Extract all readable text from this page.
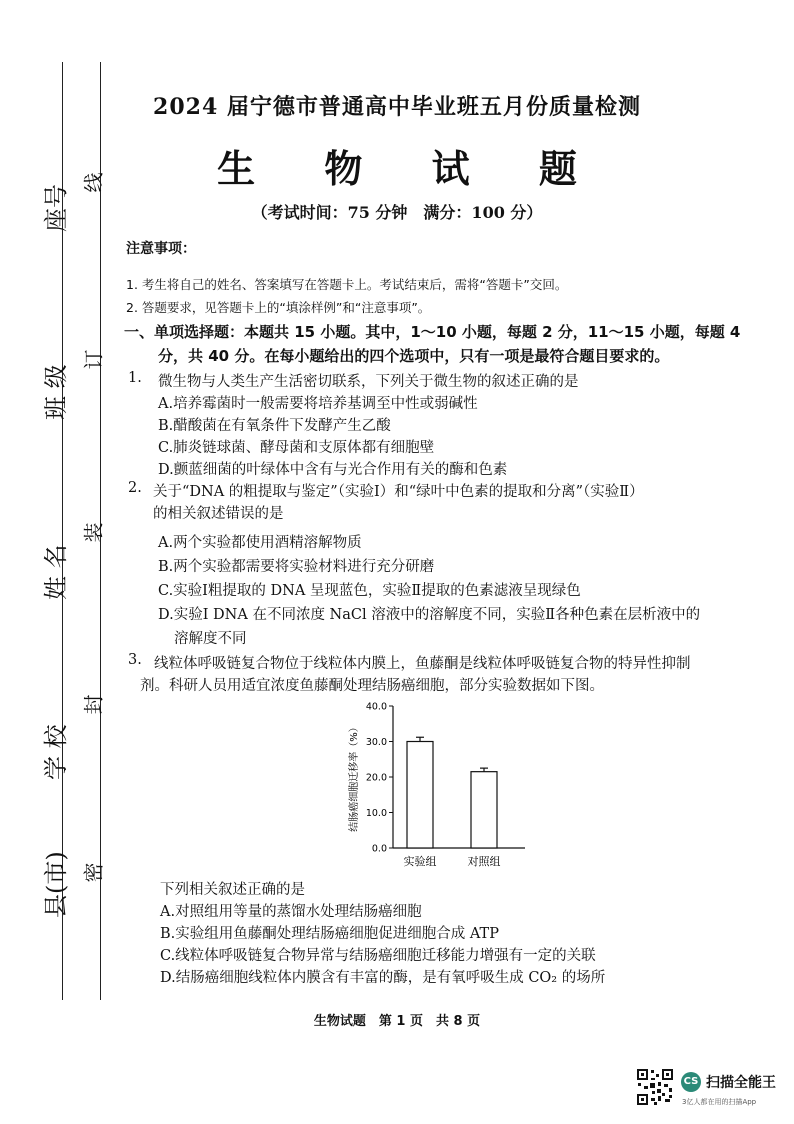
县(市)
学 校
姓 名
班 级
座号
线
订
装
封
密
2024 届宁德市普通高中毕业班五月份质量检测
生 物 试 题
（考试时间：75 分钟　满分：100 分）
注意事项：
1. 考生将自己的姓名、答案填写在答题卡上。考试结束后，需将“答题卡”交回。
2. 答题要求，见答题卡上的“填涂样例”和“注意事项”。
一、单项选择题：本题共 15 小题。其中，1～10 小题，每题 2 分，11～15 小题，每题 4
分，共 40 分。在每小题给出的四个选项中，只有一项是最符合题目要求的。
1. 微生物与人类生产生活密切联系，下列关于微生物的叙述正确的是
A.培养霉菌时一般需要将培养基调至中性或弱碱性
B.醋酸菌在有氧条件下发酵产生乙酸
C.肺炎链球菌、酵母菌和支原体都有细胞壁
D.颤蓝细菌的叶绿体中含有与光合作用有关的酶和色素
2. 关于“DNA 的粗提取与鉴定”（实验Ⅰ）和“绿叶中色素的提取和分离”（实验Ⅱ）
的相关叙述错误的是
A.两个实验都使用酒精溶解物质
B.两个实验都需要将实验材料进行充分研磨
C.实验Ⅰ粗提取的 DNA 呈现蓝色，实验Ⅱ提取的色素滤液呈现绿色
D.实验Ⅰ DNA 在不同浓度 NaCl 溶液中的溶解度不同，实验Ⅱ各种色素在层析液中的
溶解度不同
3. 线粒体呼吸链复合物位于线粒体内膜上，鱼藤酮是线粒体呼吸链复合物的特异性抑制
剂。科研人员用适宜浓度鱼藤酮处理结肠癌细胞，部分实验数据如下图。
0.0
10.0
20.0
30.0
40.0
结肠癌细胞迁移率（%）
实验组	对照组
下列相关叙述正确的是
A.对照组用等量的蒸馏水处理结肠癌细胞
B.实验组用鱼藤酮处理结肠癌细胞促进细胞合成 ATP
C.线粒体呼吸链复合物异常与结肠癌细胞迁移能力增强有一定的关联
D.结肠癌细胞线粒体内膜含有丰富的酶，是有氧呼吸生成 CO₂ 的场所
生物试题　第 1 页　共 8 页
CS 扫描全能王
3亿人都在用的扫描App
